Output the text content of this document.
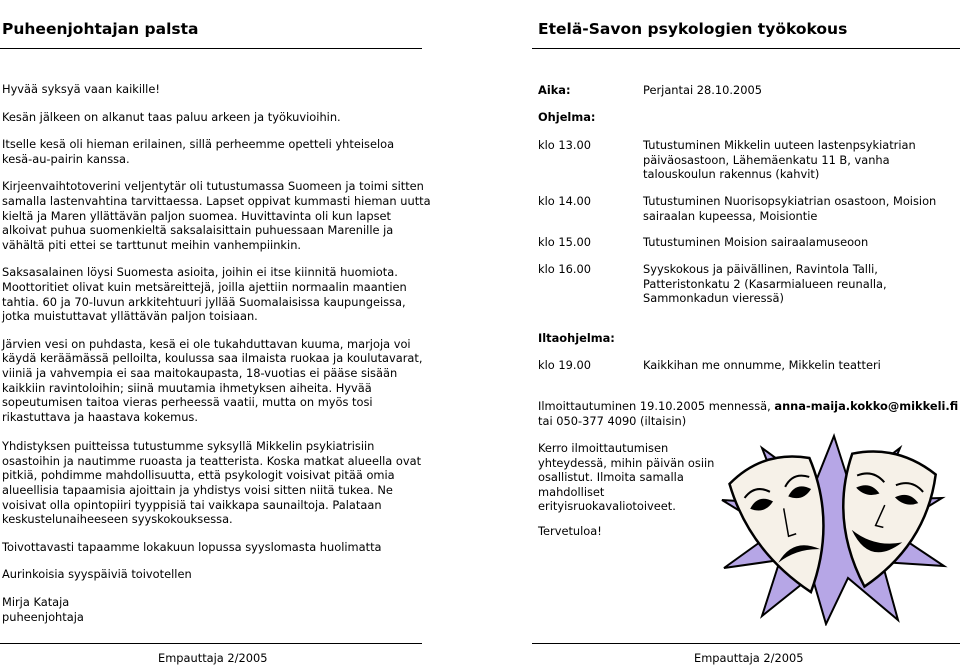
Puheenjohtajan palsta	Etelä-Savon psykologien työkokous

Hyvää syksyä vaan kaikille!

Kesän jälkeen on alkanut taas paluu arkeen ja työkuvioihin.

Itselle kesä oli hieman erilainen, sillä perheemme opetteli yhteiseloa kesä-au-pairin kanssa.

Kirjeenvaihtotoverini veljentytär oli tutustumassa Suomeen ja toimi sitten samalla lastenvahtina tarvittaessa. Lapset oppivat kummasti hieman uutta kieltä ja Maren yllättävän paljon suomea. Huvittavinta oli kun lapset alkoivat puhua suomenkieltä saksalaisittain puhuessaan Marenille ja vähältä piti ettei se tarttunut meihin vanhempiinkin.

Saksasalainen löysi Suomesta asioita, joihin ei itse kiinnitä huomiota. Moottoritiet olivat kuin metsäreittejä, joilla ajettiin normaalin maantien tahtia. 60 ja 70-luvun arkkitehtuuri jyllää Suomalaisissa kaupungeissa, jotka muistuttavat yllättävän paljon toisiaan.

Järvien vesi on puhdasta, kesä ei ole tukahduttavan kuuma, marjoja voi käydä keräämässä pelloilta, koulussa saa ilmaista ruokaa ja koulutavarat, viiniä ja vahvempia ei saa maitokaupasta, 18-vuotias ei pääse sisään kaikkiin ravintoloihin; siinä muutamia ihmetyksen aiheita. Hyvää sopeutumisen taitoa vieras perheessä vaatii, mutta on myös tosi rikastuttava ja haastava kokemus.

Yhdistyksen puitteissa tutustumme syksyllä Mikkelin psykiatrisiin osastoihin ja nautimme ruoasta ja teatterista. Koska matkat alueella ovat pitkiä, pohdimme mahdollisuutta, että psykologit voisivat pitää omia alueellisia tapaamisia ajoittain ja yhdistys voisi sitten niitä tukea. Ne voisivat olla opintopiiri tyyppisiä tai vaikkapa saunailtoja. Palataan keskustelunaiheeseen syyskokouksessa.

Toivottavasti tapaamme lokakuun lopussa syyslomasta huolimatta

Aurinkoisia syyspäiviä toivotellen

Mirja Kataja
puheenjohtaja

Aika:	Perjantai 28.10.2005
Ohjelma:
klo 13.00	Tutustuminen Mikkelin uuteen lastenpsykiatrian päiväosastoon, Lähemäenkatu 11 B, vanha talouskoulun rakennus (kahvit)
klo 14.00	Tutustuminen Nuorisopsykiatrian osastoon, Moision sairaalan kupeessa, Moisiontie
klo 15.00	Tutustuminen Moision sairaalamuseoon
klo 16.00	Syyskokous ja päivällinen, Ravintola Talli, Patteristonkatu 2 (Kasarmialueen reunalla, Sammonkadun vieressä)
Iltaohjelma:
klo 19.00	Kaikkihan me onnumme, Mikkelin teatteri
Ilmoittautuminen 19.10.2005 mennessä, anna-maija.kokko@mikkeli.fi
tai 050-377 4090 (iltaisin)
Kerro ilmoittautumisen yhteydessä, mihin päivän osiin osallistut. Ilmoita samalla mahdolliset erityisruokavaliotoiveet.
Tervetuloa!
Empauttaja 2/2005	Empauttaja 2/2005
